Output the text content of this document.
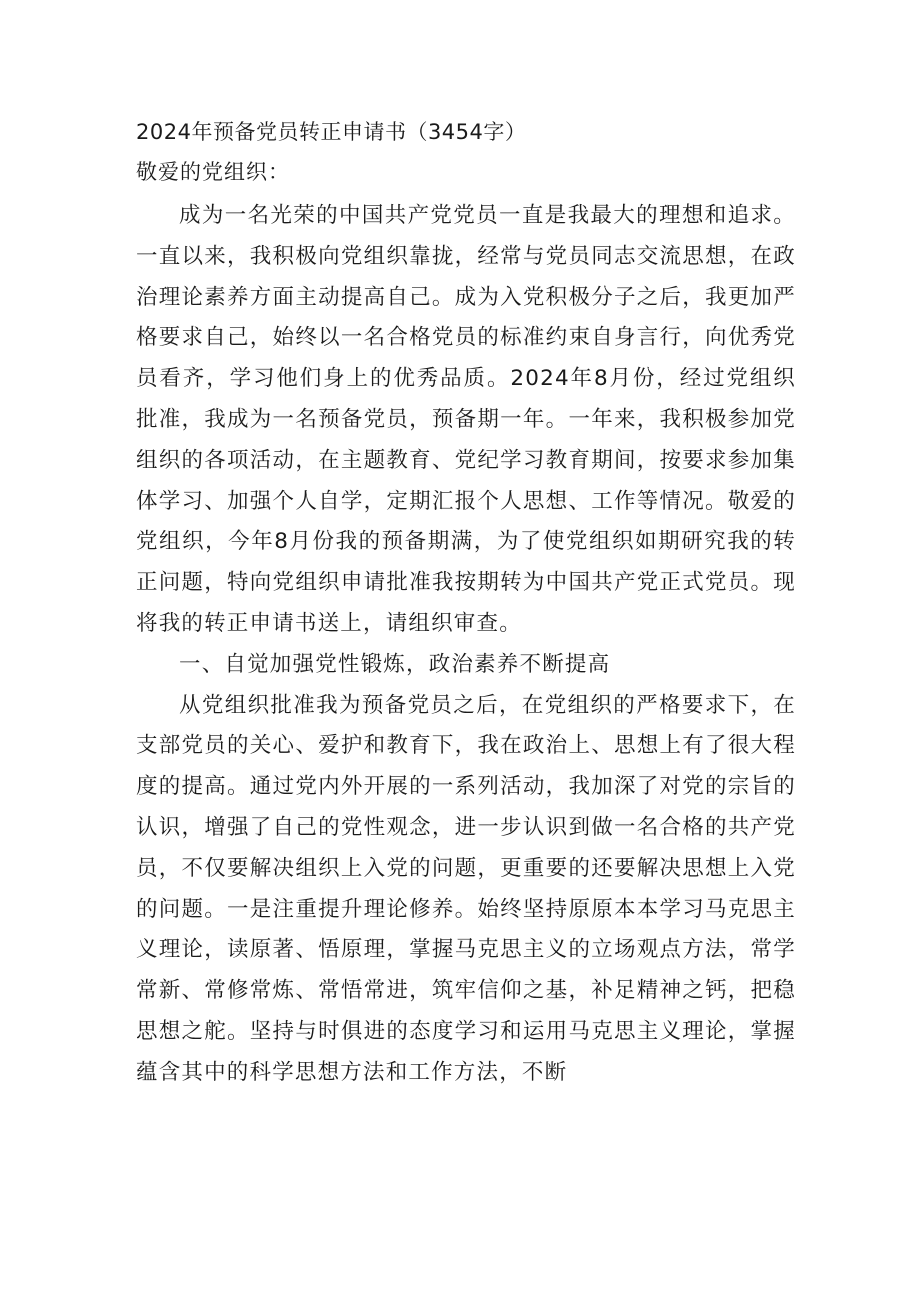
2024年预备党员转正申请书（3454字）

敬爱的党组织：

成为一名光荣的中国共产党党员一直是我最大的理想和追求。一直以来，我积极向党组织靠拢，经常与党员同志交流思想，在政治理论素养方面主动提高自己。成为入党积极分子之后，我更加严格要求自己，始终以一名合格党员的标准约束自身言行，向优秀党员看齐，学习他们身上的优秀品质。2024年8月份，经过党组织批准，我成为一名预备党员，预备期一年。一年来，我积极参加党组织的各项活动，在主题教育、党纪学习教育期间，按要求参加集体学习、加强个人自学，定期汇报个人思想、工作等情况。敬爱的党组织，今年8月份我的预备期满，为了使党组织如期研究我的转正问题，特向党组织申请批准我按期转为中国共产党正式党员。现将我的转正申请书送上，请组织审查。

一、自觉加强党性锻炼，政治素养不断提高

从党组织批准我为预备党员之后，在党组织的严格要求下，在支部党员的关心、爱护和教育下，我在政治上、思想上有了很大程度的提高。通过党内外开展的一系列活动，我加深了对党的宗旨的认识，增强了自己的党性观念，进一步认识到做一名合格的共产党员，不仅要解决组织上入党的问题，更重要的还要解决思想上入党的问题。一是注重提升理论修养。始终坚持原原本本学习马克思主义理论，读原著、悟原理，掌握马克思主义的立场观点方法，常学常新、常修常炼、常悟常进，筑牢信仰之基，补足精神之钙，把稳思想之舵。坚持与时俱进的态度学习和运用马克思主义理论，掌握蕴含其中的科学思想方法和工作方法，不断
